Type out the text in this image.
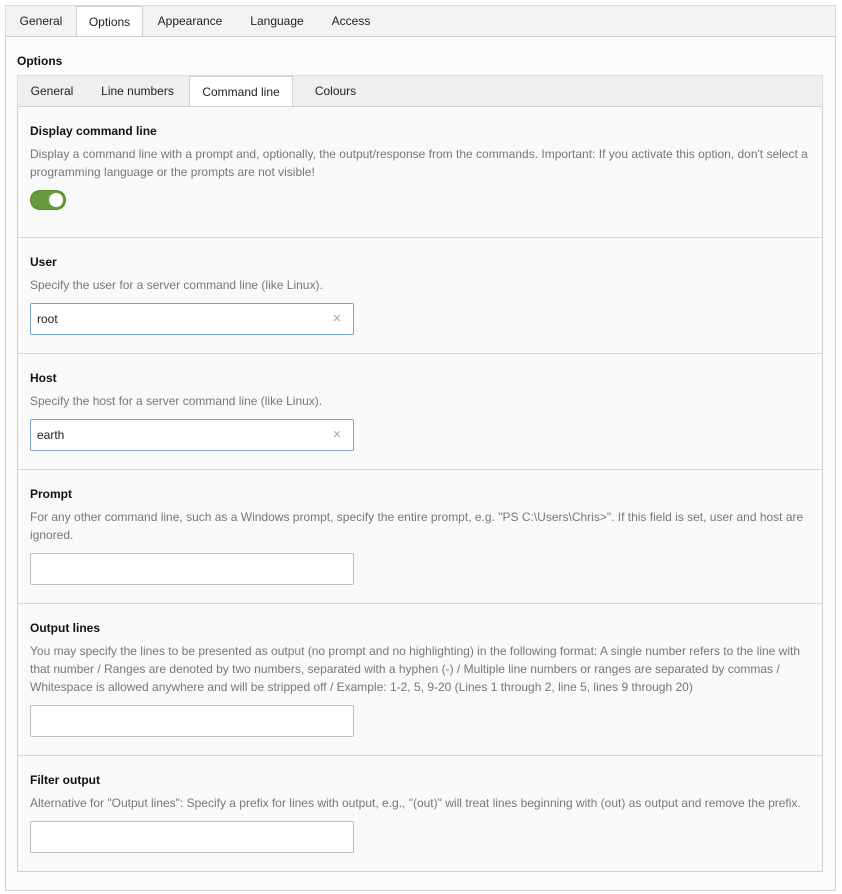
General	Options	Appearance	Language	Access
Options
General	Line numbers	Command line	Colours
Display command line
Display a command line with a prompt and, optionally, the output/response from the commands. Important: If you activate this option, don't select a programming language or the prompts are not visible!
User
Specify the user for a server command line (like Linux).
root
×
Host
Specify the host for a server command line (like Linux).
earth
×
Prompt
For any other command line, such as a Windows prompt, specify the entire prompt, e.g. "PS C:\Users\Chris>". If this field is set, user and host are ignored.
Output lines
You may specify the lines to be presented as output (no prompt and no highlighting) in the following format: A single number refers to the line with that number / Ranges are denoted by two numbers, separated with a hyphen (-) / Multiple line numbers or ranges are separated by commas / Whitespace is allowed anywhere and will be stripped off / Example: 1-2, 5, 9-20 (Lines 1 through 2, line 5, lines 9 through 20)
Filter output
Alternative for "Output lines": Specify a prefix for lines with output, e.g., "(out)" will treat lines beginning with (out) as output and remove the prefix.
